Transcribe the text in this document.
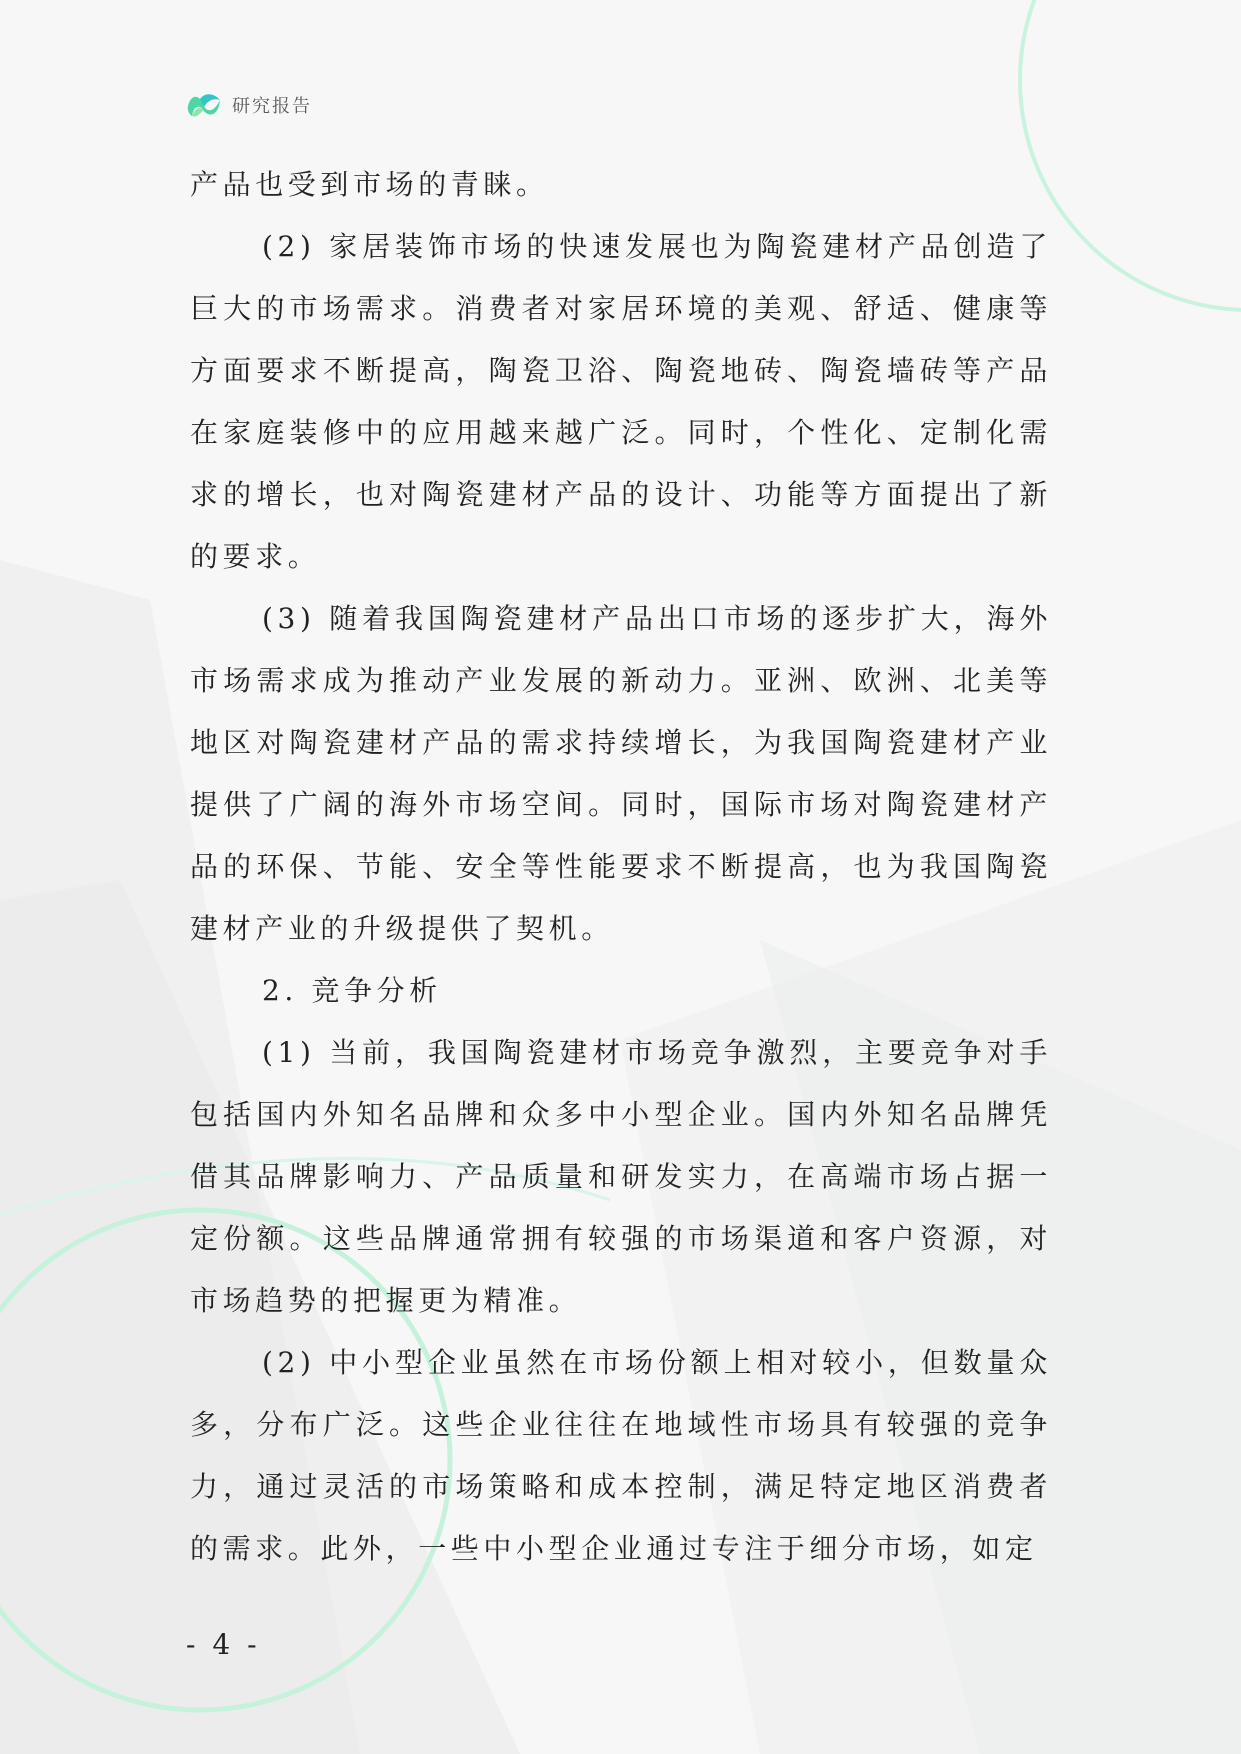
研究报告

产品也受到市场的青睐。

(2) 家居装饰市场的快速发展也为陶瓷建材产品创造了巨大的市场需求。消费者对家居环境的美观、舒适、健康等方面要求不断提高，陶瓷卫浴、陶瓷地砖、陶瓷墙砖等产品在家庭装修中的应用越来越广泛。同时，个性化、定制化需求的增长，也对陶瓷建材产品的设计、功能等方面提出了新的要求。

(3) 随着我国陶瓷建材产品出口市场的逐步扩大，海外市场需求成为推动产业发展的新动力。亚洲、欧洲、北美等地区对陶瓷建材产品的需求持续增长，为我国陶瓷建材产业提供了广阔的海外市场空间。同时，国际市场对陶瓷建材产品的环保、节能、安全等性能要求不断提高，也为我国陶瓷建材产业的升级提供了契机。

2. 竞争分析

(1) 当前，我国陶瓷建材市场竞争激烈，主要竞争对手包括国内外知名品牌和众多中小型企业。国内外知名品牌凭借其品牌影响力、产品质量和研发实力，在高端市场占据一定份额。这些品牌通常拥有较强的市场渠道和客户资源，对市场趋势的把握更为精准。

(2) 中小型企业虽然在市场份额上相对较小，但数量众多，分布广泛。这些企业往往在地域性市场具有较强的竞争力，通过灵活的市场策略和成本控制，满足特定地区消费者的需求。此外，一些中小型企业通过专注于细分市场，如定

- 4 -
